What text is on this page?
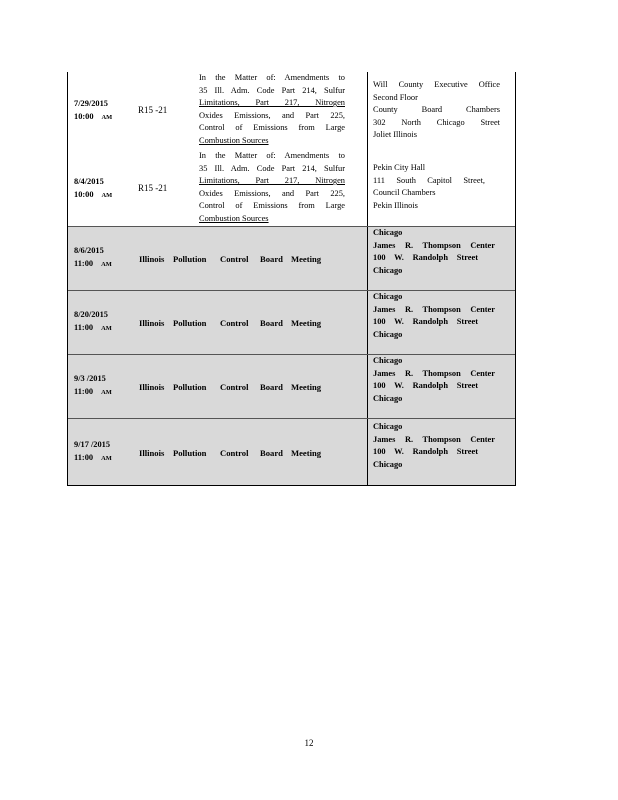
7/29/2015
10:00 AM
R15 -21
In the Matter of: Amendments to
35 Ill. Adm. Code Part 214, Sulfur
Limitations, Part 217, Nitrogen
Oxides Emissions, and Part 225,
Control of Emissions from Large
Combustion Sources
Will County Executive Office
Second Floor
County Board Chambers
302 North Chicago Street
Joliet Illinois
8/4/2015
10:00 AM
R15 -21
In the Matter of: Amendments to
35 Ill. Adm. Code Part 214, Sulfur
Limitations, Part 217, Nitrogen
Oxides Emissions, and Part 225,
Control of Emissions from Large
Combustion Sources
Pekin City Hall
111 South Capitol Street,
Council Chambers
Pekin Illinois
8/6/2015
11:00 AM
Illinois Pollution Control Board Meeting
Chicago
James R. Thompson Center
100 W. Randolph Street
Chicago
8/20/2015
11:00 AM
Illinois Pollution Control Board Meeting
Chicago
James R. Thompson Center
100 W. Randolph Street
Chicago
9/3 /2015
11:00 AM
Illinois Pollution Control Board Meeting
Chicago
James R. Thompson Center
100 W. Randolph Street
Chicago
9/17 /2015
11:00 AM
Illinois Pollution Control Board Meeting
Chicago
James R. Thompson Center
100 W. Randolph Street
Chicago
12
